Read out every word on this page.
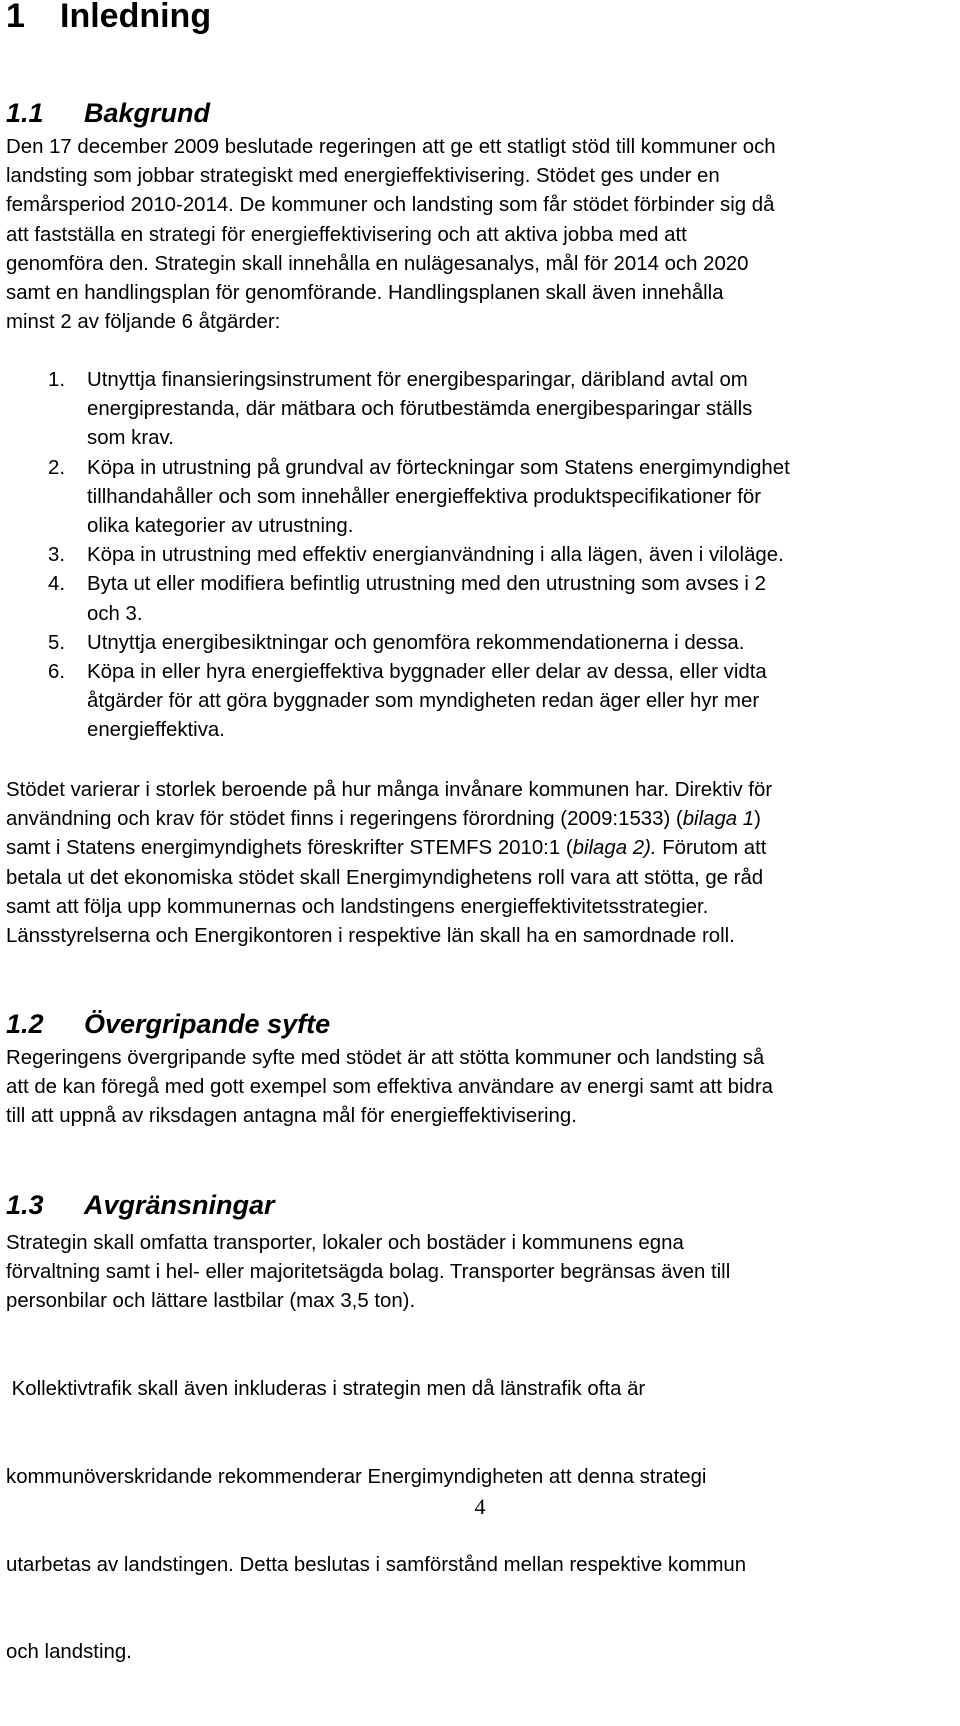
1 Inledning
1.1 Bakgrund
Den 17 december 2009 beslutade regeringen att ge ett statligt stöd till kommuner och
landsting som jobbar strategiskt med energieffektivisering. Stödet ges under en
femårsperiod 2010-2014. De kommuner och landsting som får stödet förbinder sig då
att fastställa en strategi för energieffektivisering och att aktiva jobba med att
genomföra den. Strategin skall innehålla en nulägesanalys, mål för 2014 och 2020
samt en handlingsplan för genomförande. Handlingsplanen skall även innehålla
minst 2 av följande 6 åtgärder:
1. Utnyttja finansieringsinstrument för energibesparingar, däribland avtal om
energiprestanda, där mätbara och förutbestämda energibesparingar ställs
som krav.
2. Köpa in utrustning på grundval av förteckningar som Statens energimyndighet
tillhandahåller och som innehåller energieffektiva produktspecifikationer för
olika kategorier av utrustning.
3. Köpa in utrustning med effektiv energianvändning i alla lägen, även i viloläge.
4. Byta ut eller modifiera befintlig utrustning med den utrustning som avses i 2
och 3.
5. Utnyttja energibesiktningar och genomföra rekommendationerna i dessa.
6. Köpa in eller hyra energieffektiva byggnader eller delar av dessa, eller vidta
åtgärder för att göra byggnader som myndigheten redan äger eller hyr mer
energieffektiva.
Stödet varierar i storlek beroende på hur många invånare kommunen har. Direktiv för
användning och krav för stödet finns i regeringens förordning (2009:1533) (bilaga 1)
samt i Statens energimyndighets föreskrifter STEMFS 2010:1 (bilaga 2). Förutom att
betala ut det ekonomiska stödet skall Energimyndighetens roll vara att stötta, ge råd
samt att följa upp kommunernas och landstingens energieffektivitetsstrategier.
Länsstyrelserna och Energikontoren i respektive län skall ha en samordnade roll.
1.2 Övergripande syfte
Regeringens övergripande syfte med stödet är att stötta kommuner och landsting så
att de kan föregå med gott exempel som effektiva användare av energi samt att bidra
till att uppnå av riksdagen antagna mål för energieffektivisering.
1.3 Avgränsningar
Strategin skall omfatta transporter, lokaler och bostäder i kommunens egna
förvaltning samt i hel- eller majoritetsägda bolag. Transporter begränsas även till
personbilar och lättare lastbilar (max 3,5 ton).

Kollektivtrafik skall även inkluderas i strategin men då länstrafik ofta är

kommunöverskridande rekommenderar Energimyndigheten att denna strategi

utarbetas av landstingen. Detta beslutas i samförstånd mellan respektive kommun

och landsting.

4
